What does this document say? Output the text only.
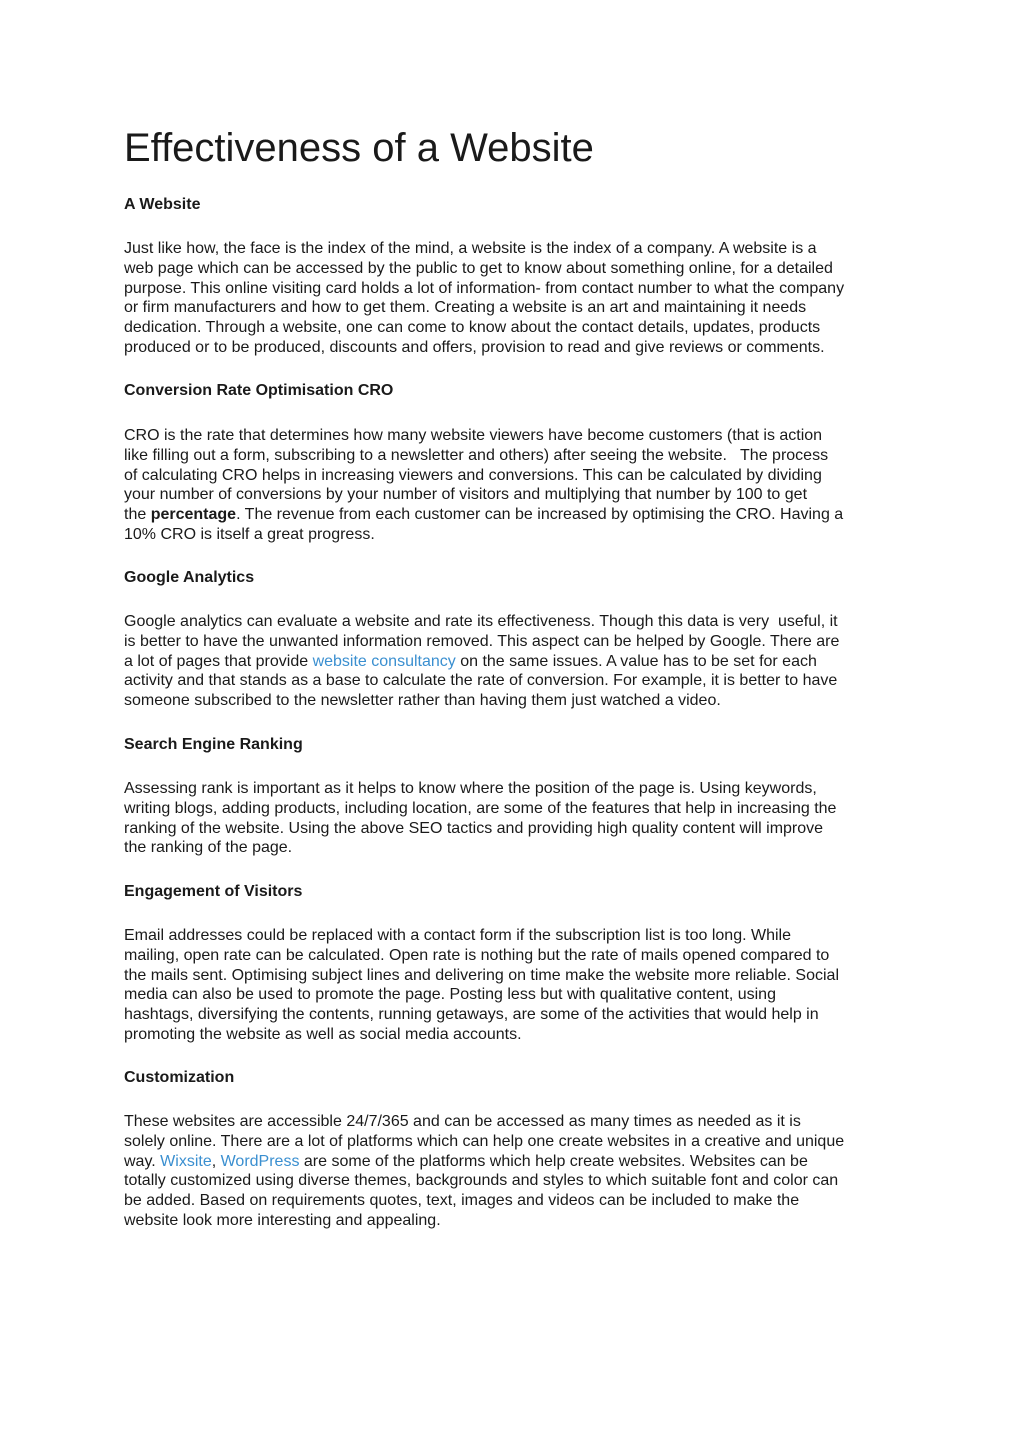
Effectiveness of a Website
A Website
Just like how, the face is the index of the mind, a website is the index of a company. A website is a
web page which can be accessed by the public to get to know about something online, for a detailed
purpose. This online visiting card holds a lot of information- from contact number to what the company
or firm manufacturers and how to get them. Creating a website is an art and maintaining it needs
dedication. Through a website, one can come to know about the contact details, updates, products
produced or to be produced, discounts and offers, provision to read and give reviews or comments.
Conversion Rate Optimisation CRO
CRO is the rate that determines how many website viewers have become customers (that is action
like filling out a form, subscribing to a newsletter and others) after seeing the website.   The process
of calculating CRO helps in increasing viewers and conversions. This can be calculated by dividing
your number of conversions by your number of visitors and multiplying that number by 100 to get
the percentage. The revenue from each customer can be increased by optimising the CRO. Having a
10% CRO is itself a great progress.
Google Analytics
Google analytics can evaluate a website and rate its effectiveness. Though this data is very  useful, it
is better to have the unwanted information removed. This aspect can be helped by Google. There are
a lot of pages that provide website consultancy on the same issues. A value has to be set for each
activity and that stands as a base to calculate the rate of conversion. For example, it is better to have
someone subscribed to the newsletter rather than having them just watched a video.
Search Engine Ranking
Assessing rank is important as it helps to know where the position of the page is. Using keywords,
writing blogs, adding products, including location, are some of the features that help in increasing the
ranking of the website. Using the above SEO tactics and providing high quality content will improve
the ranking of the page.
Engagement of Visitors
Email addresses could be replaced with a contact form if the subscription list is too long. While
mailing, open rate can be calculated. Open rate is nothing but the rate of mails opened compared to
the mails sent. Optimising subject lines and delivering on time make the website more reliable. Social
media can also be used to promote the page. Posting less but with qualitative content, using
hashtags, diversifying the contents, running getaways, are some of the activities that would help in
promoting the website as well as social media accounts.
Customization
These websites are accessible 24/7/365 and can be accessed as many times as needed as it is
solely online. There are a lot of platforms which can help one create websites in a creative and unique
way. Wixsite, WordPress are some of the platforms which help create websites. Websites can be
totally customized using diverse themes, backgrounds and styles to which suitable font and color can
be added. Based on requirements quotes, text, images and videos can be included to make the
website look more interesting and appealing.
